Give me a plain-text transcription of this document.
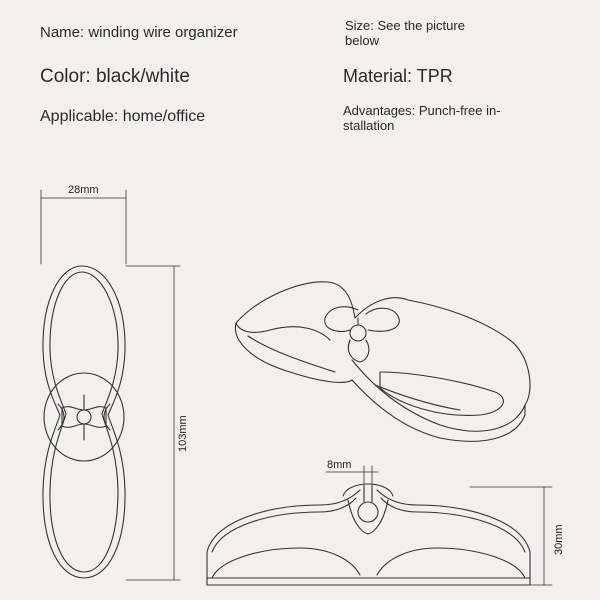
Name: winding wire organizer
Color: black/white
Applicable: home/office
Size: See the picture
below
Material: TPR
Advantages: Punch-free in-
stallation
28mm
103mm
8mm
30mm
